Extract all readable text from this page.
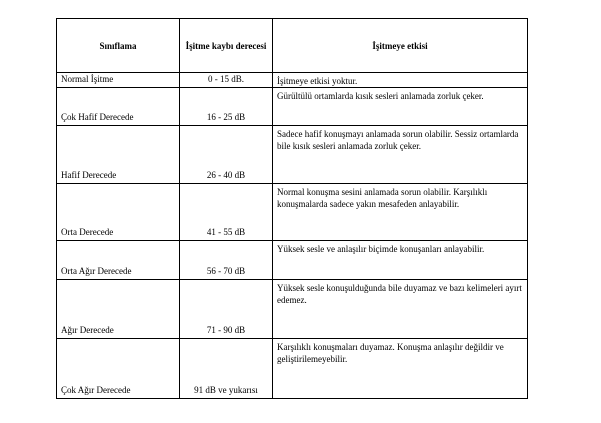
Sınıflama	İşitme kaybı derecesi	İşitmeye etkisi
Normal İşitme	0 - 15 dB.	İşitmeye etkisi yoktur.
Çok Hafif Derecede	16 - 25 dB	Gürültülü ortamlarda kısık sesleri anlamada zorluk çeker.
Hafif Derecede	26 - 40 dB	Sadece hafif konuşmayı anlamada sorun olabilir. Sessiz ortamlarda bile kısık sesleri anlamada zorluk çeker.
Orta Derecede	41 - 55 dB	Normal konuşma sesini anlamada sorun olabilir. Karşılıklı konuşmalarda sadece yakın mesafeden anlayabilir.
Orta Ağır Derecede	56 - 70 dB	Yüksek sesle ve anlaşılır biçimde konuşanları anlayabilir.
Ağır Derecede	71 - 90 dB	Yüksek sesle konuşulduğunda bile duyamaz ve bazı kelimeleri ayırt edemez.
Çok Ağır Derecede	91 dB ve yukarısı	Karşılıklı konuşmaları duyamaz. Konuşma anlaşılır değildir ve geliştirilemeyebilir.
